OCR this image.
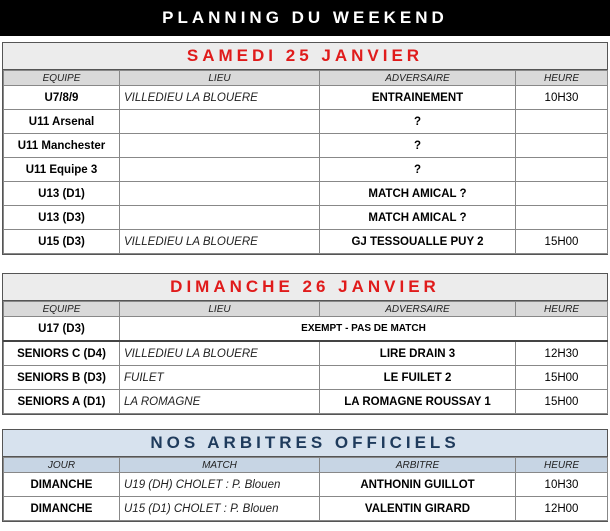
PLANNING DU WEEKEND
SAMEDI 25 JANVIER
EQUIPE	LIEU	ADVERSAIRE	HEURE
U7/8/9	VILLEDIEU LA BLOUERE	ENTRAINEMENT	10H30
U11 Arsenal		?	
U11 Manchester		?	
U11 Equipe 3		?	
U13 (D1)		MATCH AMICAL ?	
U13 (D3)		MATCH AMICAL ?	
U15 (D3)	VILLEDIEU LA BLOUERE	GJ TESSOUALLE PUY 2	15H00
DIMANCHE 26 JANVIER
EQUIPE	LIEU	ADVERSAIRE	HEURE
U17 (D3)	EXEMPT - PAS DE MATCH		
SENIORS C (D4)	VILLEDIEU LA BLOUERE	LIRE DRAIN 3	12H30
SENIORS B (D3)	FUILET	LE FUILET 2	15H00
SENIORS A (D1)	LA ROMAGNE	LA ROMAGNE ROUSSAY 1	15H00
NOS ARBITRES OFFICIELS
JOUR	MATCH	ARBITRE	HEURE
DIMANCHE	U19 (DH) CHOLET : P. Blouen	ANTHONIN GUILLOT	10H30
DIMANCHE	U15 (D1) CHOLET : P. Blouen	VALENTIN GIRARD	12H00
